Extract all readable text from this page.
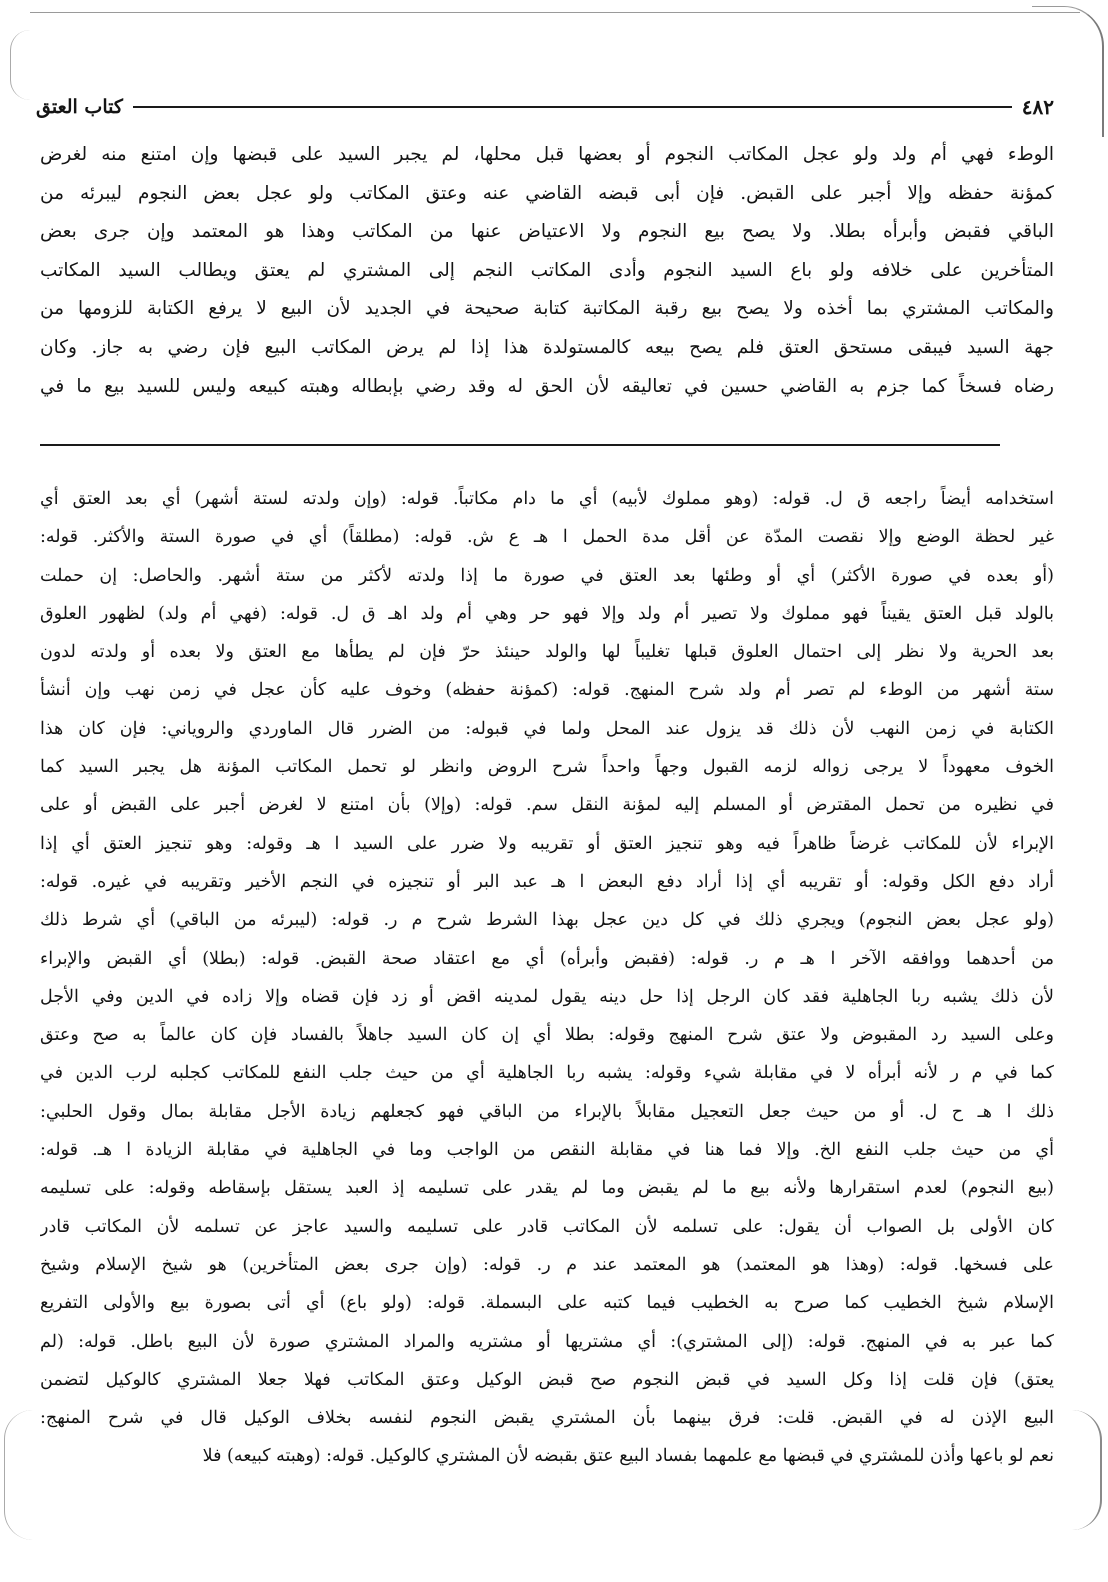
٤٨٢
كتاب العتق
الوطء فهي أم ولد ولو عجل المكاتب النجوم أو بعضها قبل محلها، لم يجبر السيد على قبضها وإن امتنع منه لغرض
كمؤنة حفظه وإلا أجبر على القبض. فإن أبى قبضه القاضي عنه وعتق المكاتب ولو عجل بعض النجوم ليبرئه من
الباقي فقبض وأبرأه بطلا. ولا يصح بيع النجوم ولا الاعتياض عنها من المكاتب وهذا هو المعتمد وإن جرى بعض
المتأخرين على خلافه ولو باع السيد النجوم وأدى المكاتب النجم إلى المشتري لم يعتق ويطالب السيد المكاتب
والمكاتب المشتري بما أخذه ولا يصح بيع رقبة المكاتبة كتابة صحيحة في الجديد لأن البيع لا يرفع الكتابة للزومها من
جهة السيد فيبقى مستحق العتق فلم يصح بيعه كالمستولدة هذا إذا لم يرض المكاتب البيع فإن رضي به جاز. وكان
رضاه فسخاً كما جزم به القاضي حسين في تعاليقه لأن الحق له وقد رضي بإبطاله وهبته كبيعه وليس للسيد بيع ما في
استخدامه أيضاً راجعه ق ل. قوله: (وهو مملوك لأبيه) أي ما دام مكاتباً. قوله: (وإن ولدته لستة أشهر) أي بعد العتق أي
غير لحظة الوضع وإلا نقصت المدّة عن أقل مدة الحمل ا هـ ع ش. قوله: (مطلقاً) أي في صورة الستة والأكثر. قوله:
(أو بعده في صورة الأكثر) أي أو وطئها بعد العتق في صورة ما إذا ولدته لأكثر من ستة أشهر. والحاصل: إن حملت
بالولد قبل العتق يقيناً فهو مملوك ولا تصير أم ولد وإلا فهو حر وهي أم ولد اهـ ق ل. قوله: (فهي أم ولد) لظهور العلوق
بعد الحرية ولا نظر إلى احتمال العلوق قبلها تغليباً لها والولد حينئذ حرّ فإن لم يطأها مع العتق ولا بعده أو ولدته لدون
ستة أشهر من الوطء لم تصر أم ولد شرح المنهج. قوله: (كمؤنة حفظه) وخوف عليه كأن عجل في زمن نهب وإن أنشأ
الكتابة في زمن النهب لأن ذلك قد يزول عند المحل ولما في قبوله: من الضرر قال الماوردي والروياني: فإن كان هذا
الخوف معهوداً لا يرجى زواله لزمه القبول وجهاً واحداً شرح الروض وانظر لو تحمل المكاتب المؤنة هل يجبر السيد كما
في نظيره من تحمل المقترض أو المسلم إليه لمؤنة النقل سم. قوله: (وإلا) بأن امتنع لا لغرض أجبر على القبض أو على
الإبراء لأن للمكاتب غرضاً ظاهراً فيه وهو تنجيز العتق أو تقريبه ولا ضرر على السيد ا هـ وقوله: وهو تنجيز العتق أي إذا
أراد دفع الكل وقوله: أو تقريبه أي إذا أراد دفع البعض ا هـ عبد البر أو تنجيزه في النجم الأخير وتقريبه في غيره. قوله:
(ولو عجل بعض النجوم) ويجري ذلك في كل دين عجل بهذا الشرط شرح م ر. قوله: (ليبرئه من الباقي) أي شرط ذلك
من أحدهما ووافقه الآخر ا هـ م ر. قوله: (فقبض وأبرأه) أي مع اعتقاد صحة القبض. قوله: (بطلا) أي القبض والإبراء
لأن ذلك يشبه ربا الجاهلية فقد كان الرجل إذا حل دينه يقول لمدينه اقض أو زد فإن قضاه وإلا زاده في الدين وفي الأجل
وعلى السيد رد المقبوض ولا عتق شرح المنهج وقوله: بطلا أي إن كان السيد جاهلاً بالفساد فإن كان عالماً به صح وعتق
كما في م ر لأنه أبرأه لا في مقابلة شيء وقوله: يشبه ربا الجاهلية أي من حيث جلب النفع للمكاتب كجلبه لرب الدين في
ذلك ا هـ ح ل. أو من حيث جعل التعجيل مقابلاً بالإبراء من الباقي فهو كجعلهم زيادة الأجل مقابلة بمال وقول الحلبي:
أي من حيث جلب النفع الخ. وإلا فما هنا في مقابلة النقص من الواجب وما في الجاهلية في مقابلة الزيادة ا هـ. قوله:
(بيع النجوم) لعدم استقرارها ولأنه بيع ما لم يقبض وما لم يقدر على تسليمه إذ العبد يستقل بإسقاطه وقوله: على تسليمه
كان الأولى بل الصواب أن يقول: على تسلمه لأن المكاتب قادر على تسليمه والسيد عاجز عن تسلمه لأن المكاتب قادر
على فسخها. قوله: (وهذا هو المعتمد) هو المعتمد عند م ر. قوله: (وإن جرى بعض المتأخرين) هو شيخ الإسلام وشيخ
الإسلام شيخ الخطيب كما صرح به الخطيب فيما كتبه على البسملة. قوله: (ولو باع) أي أتى بصورة بيع والأولى التفريع
كما عبر به في المنهج. قوله: (إلى المشتري): أي مشتريها أو مشتريه والمراد المشتري صورة لأن البيع باطل. قوله: (لم
يعتق) فإن قلت إذا وكل السيد في قبض النجوم صح قبض الوكيل وعتق المكاتب فهلا جعلا المشتري كالوكيل لتضمن
البيع الإذن له في القبض. قلت: فرق بينهما بأن المشتري يقبض النجوم لنفسه بخلاف الوكيل قال في شرح المنهج:
نعم لو باعها وأذن للمشتري في قبضها مع علمهما بفساد البيع عتق بقبضه لأن المشتري كالوكيل. قوله: (وهبته كبيعه) فلا
